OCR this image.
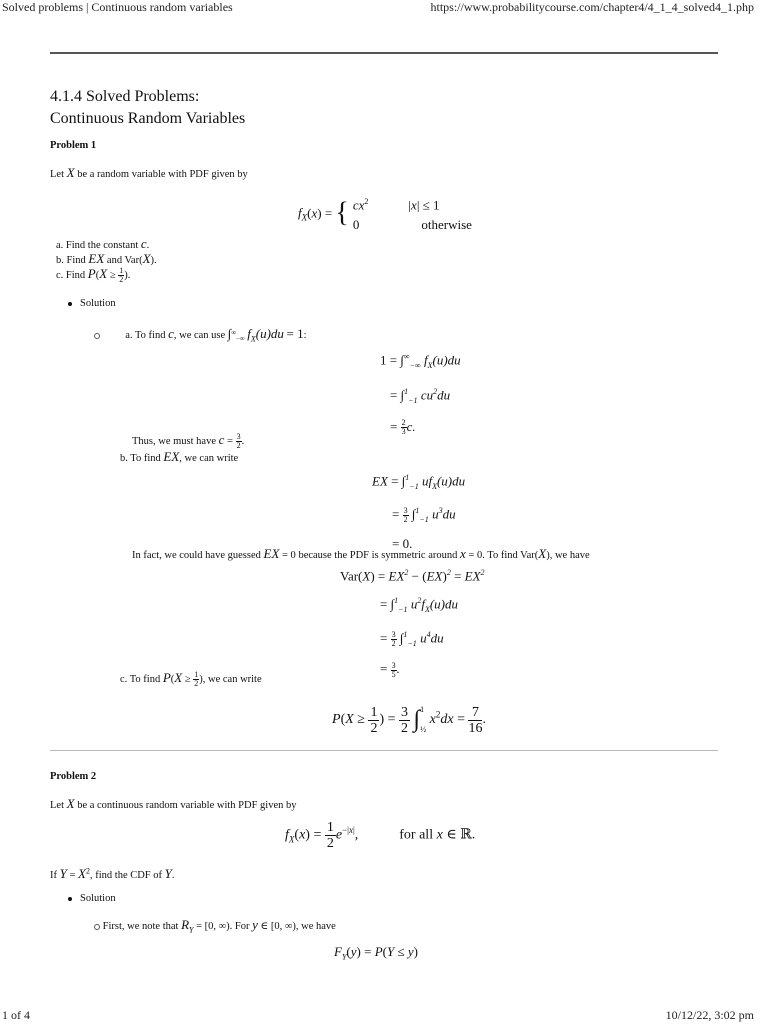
Solved problems | Continuous random variables	https://www.probabilitycourse.com/chapter4/4_1_4_solved4_1.php
4.1.4 Solved Problems:
Continuous Random Variables
Problem 1
Let X be a random variable with PDF given by
$f_X(x)$ = { $cx^2$	|x| ≤ 1
0	otherwise
a. Find the constant c.
b. Find EX and Var(X).
c. Find $P(X \ge \frac{1}{2}$ ).
Solution
a. To find c, we can use $\int^\infty_{-\infty}$ $f_X(u)du = 1$:
$1 = \int^\infty_{-\infty}$ $f_X(u)du$
= ∫$^1_{-1}$ $cu^2du$
= $\frac{2}{3} c$.
Thus, we must have $c = \frac{3}{2}$ .
b. To find EX, we can write
EX = ∫$^1_{-1}$ $uf_X(u)du$
= $\frac{3}{2} \int^1_{-1}$ $u^3du$
= 0.
In fact, we could have guessed EX = 0 because the PDF is symmetric around x = 0. To find Var(X), we have
$Var(X) = EX^2 - (EX)^2 = EX^2$
= ∫$^1_{-1}$ $u^2f_X(u)du$
= $\frac{3}{2} \int^1_{-1}$ $u^4du$
= $\frac{3}{5}$ .
c. To find $P(X \ge \frac{1}{2}$ ), we can write
$P(X \ge \frac{1}{2}$ ) = $\frac{3}{2}$ ∫ 1
½
$x^2dx = \frac{7}{16}$ .
Problem 2
Let X be a continuous random variable with PDF given by
$f_X(x) = \frac{1}{2} e^{-|x|}$,	for all x ∈ ℝ.
If $Y = X^2$, find the CDF of Y.
Solution
First, we note that $R_Y = [0$, ∞). For y ∈ [0, ∞), we have
$F_Y(y) = P(Y \le y)$
1 of 4	10/12/22, 3:02 pm
